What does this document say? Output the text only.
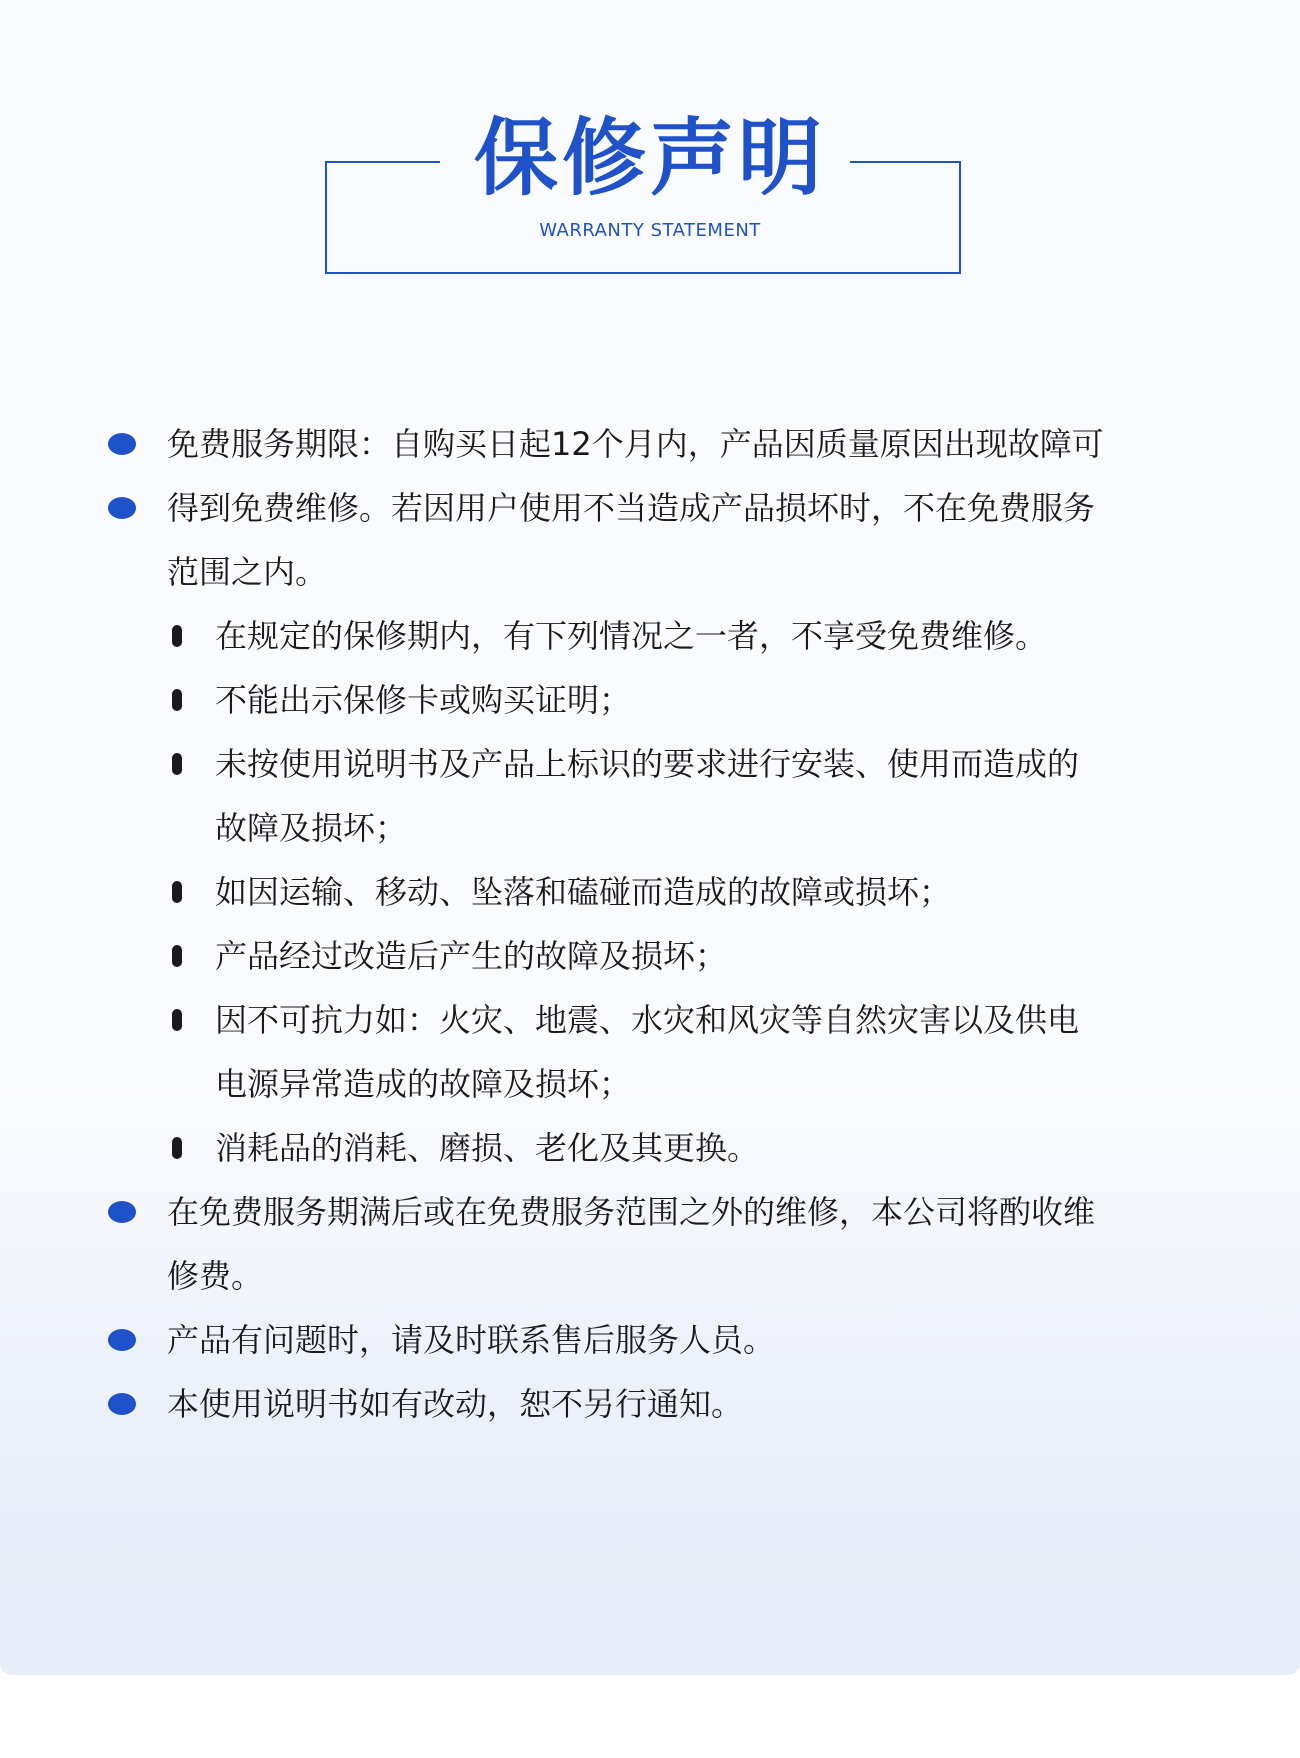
保修声明
WARRANTY STATEMENT
免费服务期限：自购买日起12个月内，产品因质量原因出现故障可
得到免费维修。若因用户使用不当造成产品损坏时，不在免费服务
范围之内。
在规定的保修期内，有下列情况之一者，不享受免费维修。
不能出示保修卡或购买证明；
未按使用说明书及产品上标识的要求进行安装、使用而造成的
故障及损坏；
如因运输、移动、坠落和磕碰而造成的故障或损坏；
产品经过改造后产生的故障及损坏；
因不可抗力如：火灾、地震、水灾和风灾等自然灾害以及供电
电源异常造成的故障及损坏；
消耗品的消耗、磨损、老化及其更换。
在免费服务期满后或在免费服务范围之外的维修，本公司将酌收维
修费。
产品有问题时，请及时联系售后服务人员。
本使用说明书如有改动，恕不另行通知。
